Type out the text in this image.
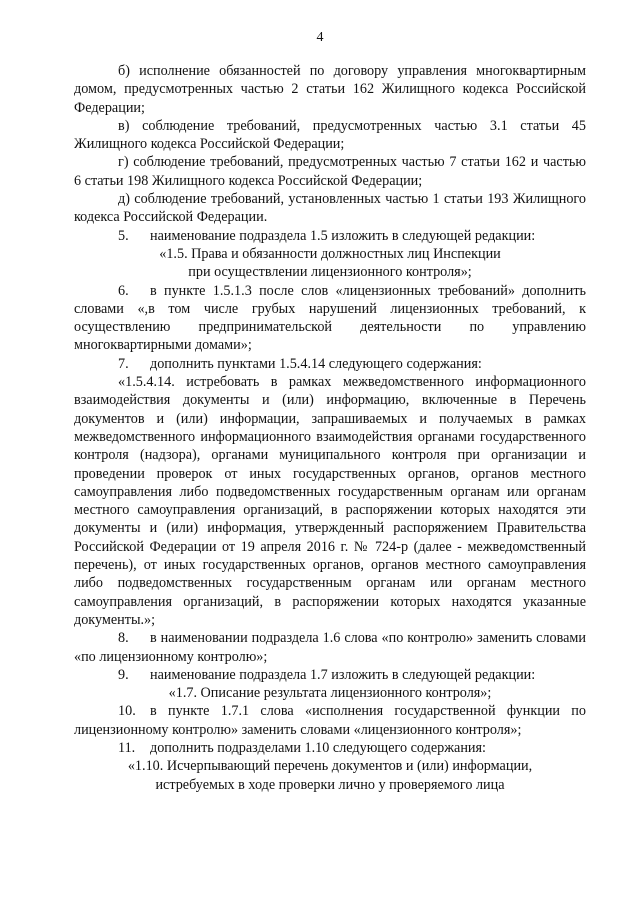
4

б) исполнение обязанностей по договору управления многоквартирным домом, предусмотренных частью 2 статьи 162 Жилищного кодекса Российской Федерации;

в) соблюдение требований, предусмотренных частью 3.1 статьи 45 Жилищного кодекса Российской Федерации;

г) соблюдение требований, предусмотренных частью 7 статьи 162 и частью 6 статьи 198 Жилищного кодекса Российской Федерации;

д) соблюдение требований, установленных частью 1 статьи 193 Жилищного кодекса Российской Федерации.

5. наименование подраздела 1.5 изложить в следующей редакции:

«1.5. Права и обязанности должностных лиц Инспекции

при осуществлении лицензионного контроля»;

6. в пункте 1.5.1.3 после слов «лицензионных требований» дополнить словами «,в том числе грубых нарушений лицензионных требований, к осуществлению предпринимательской деятельности по управлению многоквартирными домами»;

7. дополнить пунктами 1.5.4.14 следующего содержания:

«1.5.4.14. истребовать в рамках межведомственного информационного взаимодействия документы и (или) информацию, включенные в Перечень документов и (или) информации, запрашиваемых и получаемых в рамках межведомственного информационного взаимодействия органами государственного контроля (надзора), органами муниципального контроля при организации и проведении проверок от иных государственных органов, органов местного самоуправления либо подведомственных государственным органам или органам местного самоуправления организаций, в распоряжении которых находятся эти документы и (или) информация, утвержденный распоряжением Правительства Российской Федерации от 19 апреля 2016 г. № 724-р (далее - межведомственный перечень), от иных государственных органов, органов местного самоуправления либо подведомственных государственным органам или органам местного самоуправления организаций, в распоряжении которых находятся указанные документы.»;

8. в наименовании подраздела 1.6 слова «по контролю» заменить словами «по лицензионному контролю»;

9. наименование подраздела 1.7 изложить в следующей редакции:

«1.7. Описание результата лицензионного контроля»;

10. в пункте 1.7.1 слова «исполнения государственной функции по лицензионному контролю» заменить словами «лицензионного контроля»;

11. дополнить подразделами 1.10 следующего содержания:

«1.10. Исчерпывающий перечень документов и (или) информации,

истребуемых в ходе проверки лично у проверяемого лица
